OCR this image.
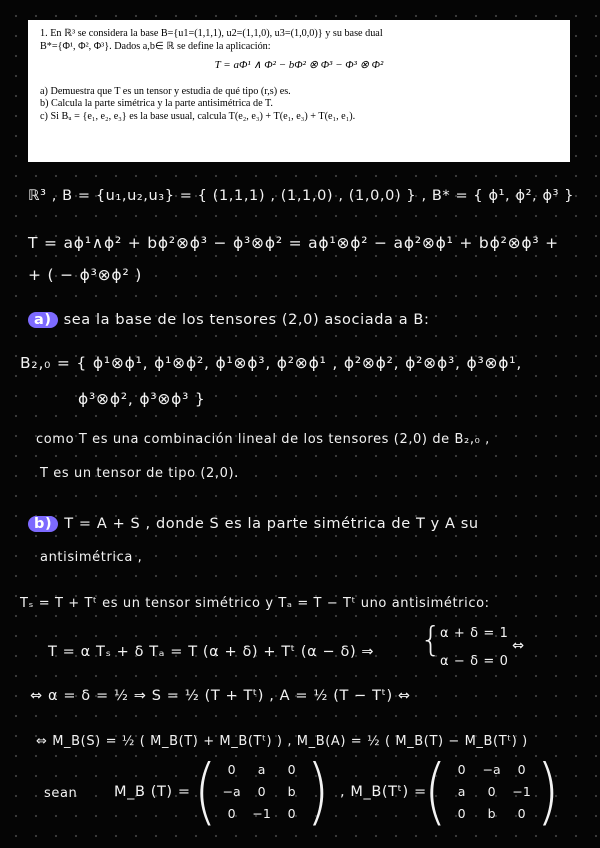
1. En ℝ³ se considera la base B={u1=(1,1,1), u2=(1,1,0), u3=(1,0,0)} y su base dual
B*={Φ¹, Φ², Φ³}. Dados a,b∈ ℝ se define la aplicación:
T = aΦ¹ ∧ Φ² − bΦ² ⊗ Φ³ − Φ³ ⊗ Φ²
a) Demuestra que T es un tensor y estudia de qué tipo (r,s) es.
b) Calcula la parte simétrica y la parte antisimétrica de T.
c) Si Bᵤ = {e₁, e₂, e₃} es la base usual, calcula T(e₂, e₃) + T(e₁, e₃) + T(e₁, e₁).
ℝ³ , B = {u₁,u₂,u₃} = { (1,1,1) , (1,1,0) , (1,0,0) } , B* = { ϕ¹, ϕ², ϕ³ }
T = aϕ¹∧ϕ² + bϕ²⊗ϕ³ − ϕ³⊗ϕ² = aϕ¹⊗ϕ² − aϕ²⊗ϕ¹ + bϕ²⊗ϕ³ +
+ ( − ϕ³⊗ϕ² )
a) sea la base de los tensores (2,0) asociada a B:
B₂,₀ = { ϕ¹⊗ϕ¹, ϕ¹⊗ϕ², ϕ¹⊗ϕ³, ϕ²⊗ϕ¹ , ϕ²⊗ϕ², ϕ²⊗ϕ³, ϕ³⊗ϕ¹,
ϕ³⊗ϕ², ϕ³⊗ϕ³ }
como T es una combinación lineal de los tensores (2,0) de B₂,₀ ,
T es un tensor de tipo (2,0).
b) T = A + S , donde S es la parte simétrica de T y A su
antisimétrica ,
Tₛ = T + Tᵗ es un tensor simétrico y Tₐ = T − Tᵗ uno antisimétrico:
T = α Tₛ + δ Tₐ = T (α + δ) + Tᵗ (α − δ) ⇒ {
α + δ = 1
α − δ = 0
⇔
⇔ α = δ = ½ ⇒ S = ½ (T + Tᵗ) , A = ½ (T − Tᵗ) ⇔
⇔ M_B(S) = ½ ( M_B(T) + M_B(Tᵗ) ) , M_B(A) = ½ ( M_B(T) − M_B(Tᵗ) )
sean	M_B (T) = ( 0 a 0
−a 0 b
0 −1 0 ) , M_B(Tᵗ) =
( 0 −a 0
a 0 −1
0 b 0 )
